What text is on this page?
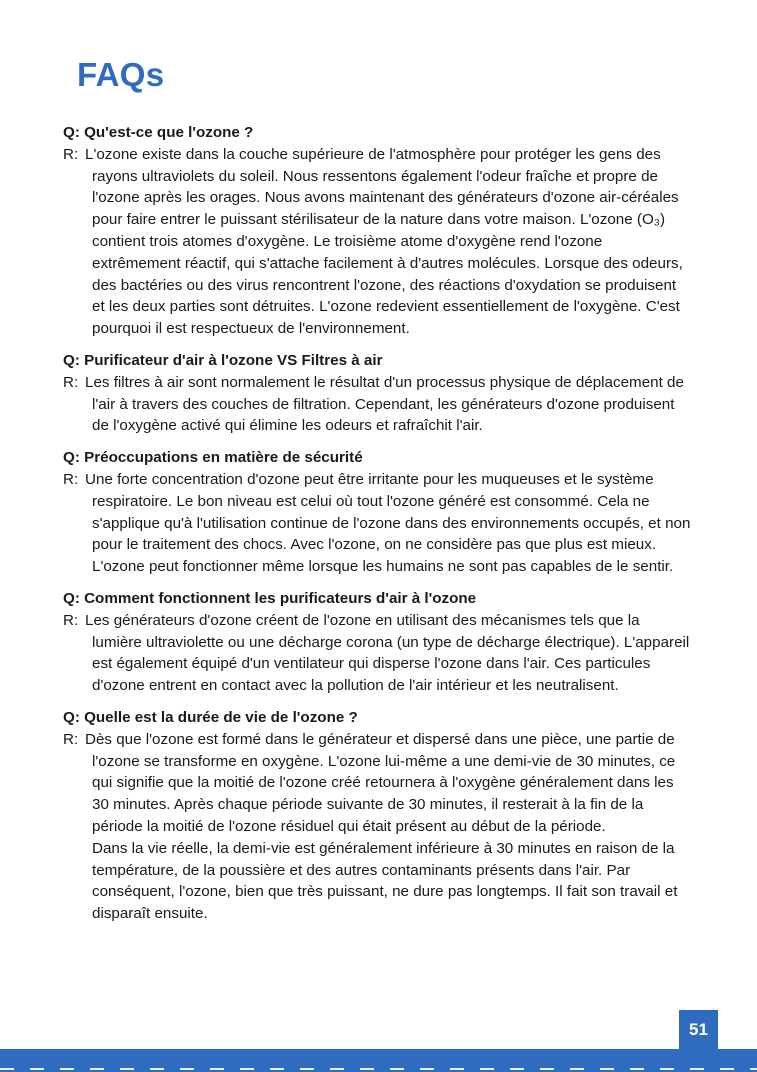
FAQs

Q: Qu'est-ce que l'ozone ?

R: L'ozone existe dans la couche supérieure de l'atmosphère pour protéger les gens des rayons ultraviolets du soleil. Nous ressentons également l'odeur fraîche et propre de l'ozone après les orages. Nous avons maintenant des générateurs d'ozone air-céréales pour faire entrer le puissant stérilisateur de la nature dans votre maison. L'ozone (O₃) contient trois atomes d'oxygène. Le troisième atome d'oxygène rend l'ozone extrêmement réactif, qui s'attache facilement à d'autres molécules. Lorsque des odeurs, des bactéries ou des virus rencontrent l'ozone, des réactions d'oxydation se produisent et les deux parties sont détruites. L'ozone redevient essentiellement de l'oxygène. C'est pourquoi il est respectueux de l'environnement.

Q: Purificateur d'air à l'ozone VS Filtres à air

R: Les filtres à air sont normalement le résultat d'un processus physique de déplacement de l'air à travers des couches de filtration. Cependant, les générateurs d'ozone produisent de l'oxygène activé qui élimine les odeurs et rafraîchit l'air.

Q: Préoccupations en matière de sécurité

R: Une forte concentration d'ozone peut être irritante pour les muqueuses et le système respiratoire. Le bon niveau est celui où tout l'ozone généré est consommé. Cela ne s'applique qu'à l'utilisation continue de l'ozone dans des environnements occupés, et non pour le traitement des chocs. Avec l'ozone, on ne considère pas que plus est mieux. L'ozone peut fonctionner même lorsque les humains ne sont pas capables de le sentir.

Q: Comment fonctionnent les purificateurs d'air à l'ozone

R: Les générateurs d'ozone créent de l'ozone en utilisant des mécanismes tels que la lumière ultraviolette ou une décharge corona (un type de décharge électrique). L'appareil est également équipé d'un ventilateur qui disperse l'ozone dans l'air. Ces particules d'ozone entrent en contact avec la pollution de l'air intérieur et les neutralisent.

Q: Quelle est la durée de vie de l'ozone ?

R: Dès que l'ozone est formé dans le générateur et dispersé dans une pièce, une partie de l'ozone se transforme en oxygène. L'ozone lui-même a une demi-vie de 30 minutes, ce qui signifie que la moitié de l'ozone créé retournera à l'oxygène généralement dans les 30 minutes. Après chaque période suivante de 30 minutes, il resterait à la fin de la période la moitié de l'ozone résiduel qui était présent au début de la période.

Dans la vie réelle, la demi-vie est généralement inférieure à 30 minutes en raison de la température, de la poussière et des autres contaminants présents dans l'air. Par conséquent, l'ozone, bien que très puissant, ne dure pas longtemps. Il fait son travail et disparaît ensuite.

51
